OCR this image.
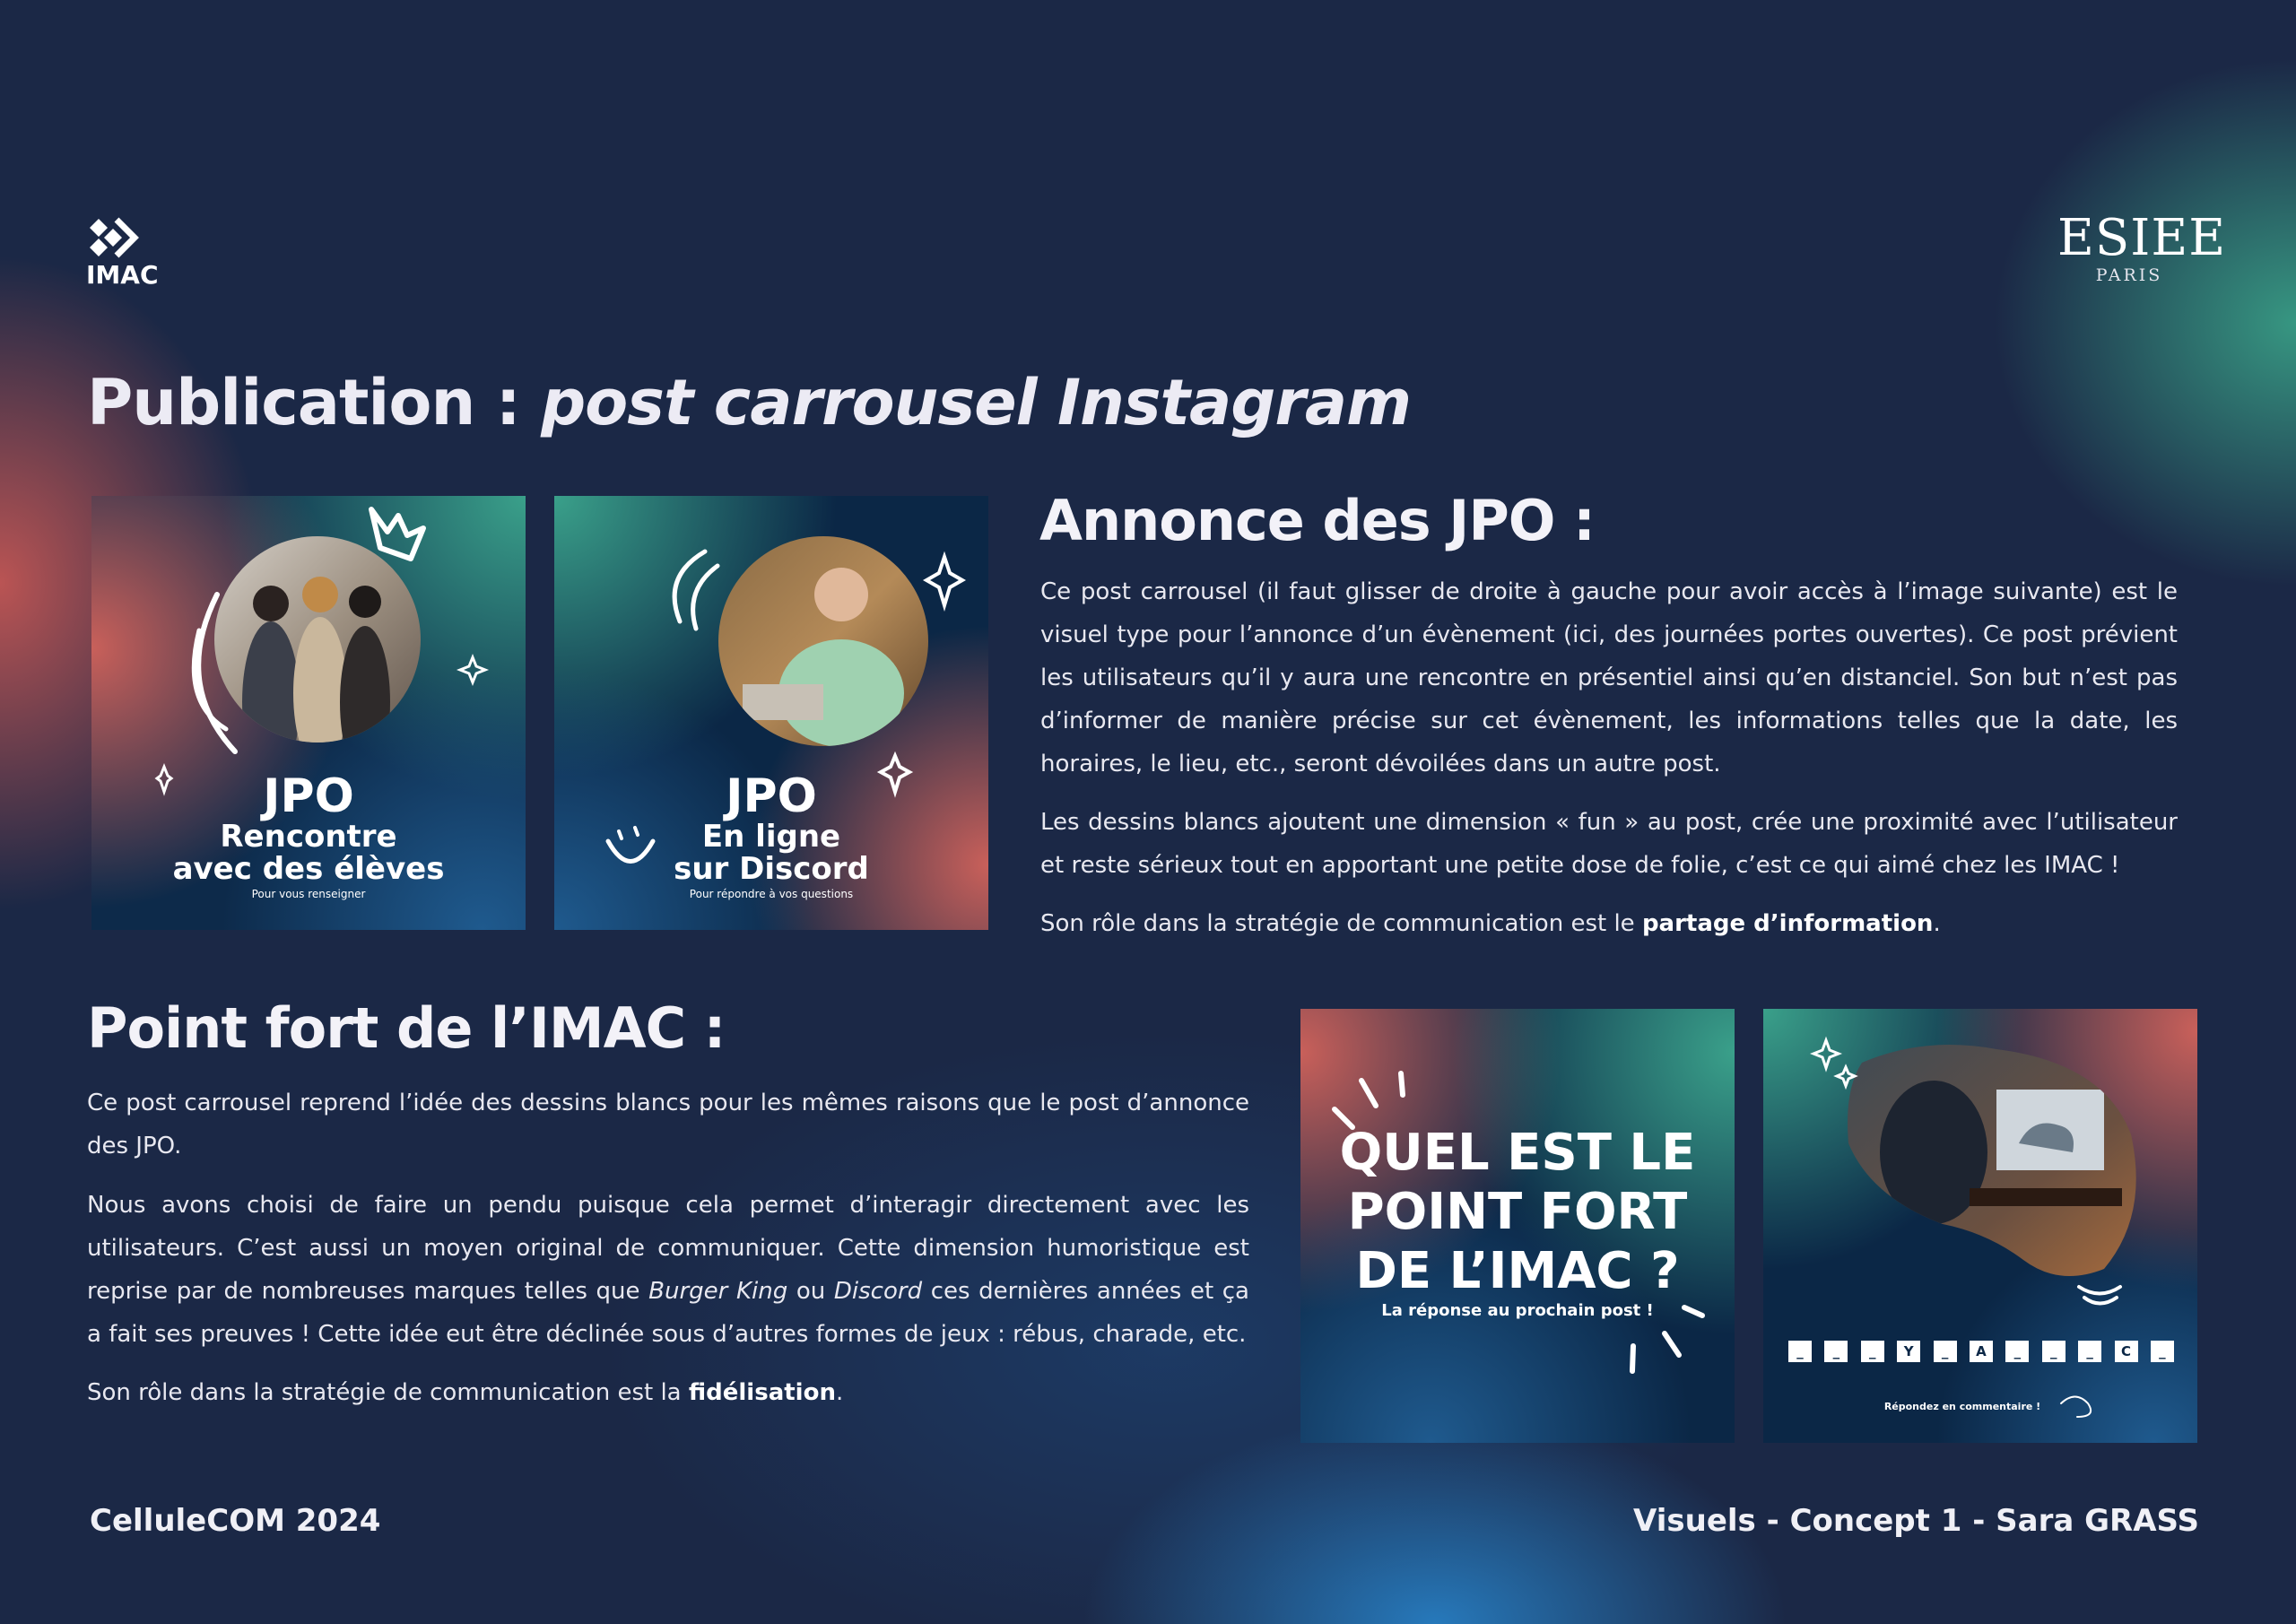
IMAC
ESIEE
PARIS
Publication : post carrousel Instagram
JPO
Rencontre
avec des élèves
Pour vous renseigner
JPO
En ligne
sur Discord
Pour répondre à vos questions
Annonce des JPO :

Ce post carrousel (il faut glisser de droite à gauche pour avoir accès à l’image suivante) est le visuel type pour l’annonce d’un évènement (ici, des journées portes ouvertes). Ce post prévient les utilisateurs qu’il y aura une rencontre en présentiel ainsi qu’en distanciel. Son but n’est pas d’informer de manière précise sur cet évènement, les informations telles que la date, les horaires, le lieu, etc., seront dévoilées dans un autre post.

Les dessins blancs ajoutent une dimension « fun » au post, crée une proximité avec l’utilisateur et reste sérieux tout en apportant une petite dose de folie, c’est ce qui aimé chez les IMAC !

Son rôle dans la stratégie de communication est le partage d’information.

Point fort de l’IMAC :

Ce post carrousel reprend l’idée des dessins blancs pour les mêmes raisons que le post d’annonce des JPO.

Nous avons choisi de faire un pendu puisque cela permet d’interagir directement avec les utilisateurs. C’est aussi un moyen original de communiquer. Cette dimension humoristique est reprise par de nombreuses marques telles que Burger King ou Discord ces dernières années et ça a fait ses preuves ! Cette idée eut être déclinée sous d’autres formes de jeux : rébus, charade, etc.

Son rôle dans la stratégie de communication est la fidélisation.

QUEL EST LE
POINT FORT
DE L’IMAC ?
La réponse au prochain post !
_	_	_	Y	_	A	_	_	_	C	_
Répondez en commentaire !
CelluleCOM 2024	Visuels - Concept 1 - Sara GRASS
